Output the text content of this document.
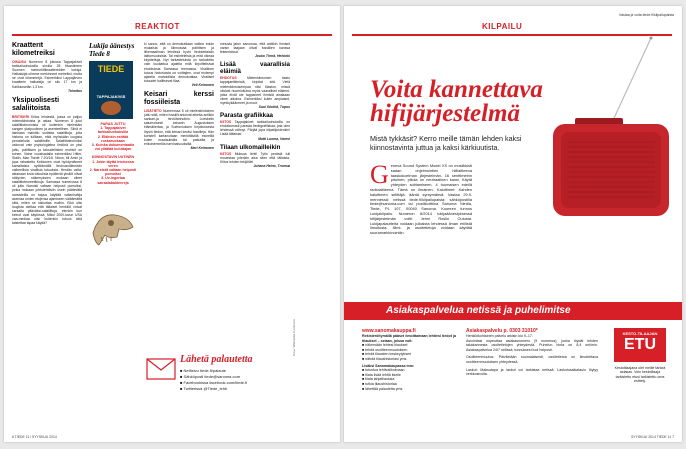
REAKTIOT
Kraatterit kilometreiksi
OIKAISU Numeron 8 jutussa Tappajakivet tarkkailuohuksilla sivulla 28 tiivastimme Suomen meteoriittikraattereiden koksja. Halkaisijat olimme merkinneet metreiksi, mutta ne ovat kilometrejä. Esimerkiksi Lappajärven kraatterin halkaisija on siis 17 km ja Karikkoselän 1,3 km.
Toimitus
Yksipuolisesti salaliitoista
BRITISKRI Kiitos lehdestä, jossa on paljon mielenkiintoista ja asiaa. Numeron 8 jutut salaliittoteorioista oli kuitenkin mielestäni sangen yksipuolinen ja asenteellinen. Siinä ei lainkaan mainittu sodistta salaliittoja, joita historia on tullilaan, eikä myöskään loogisia perusteluita salaliitoille. Salaliittoteorioiksi uskovat vain psykologiatna ilmiönä on yksi juttu, poliittisen ja taloudellisten motiivit on toinen. Vaine vuosisadalla esimerkiksi Hitler, Stalin, Mao Tsedé 7:20/14l. Nixon, tiil Amin ja jopa rakastettu Kekkonen ovat hyödyntäneet kamaitaisia syöttämällä tiedousvälineisiin valheellisia virallisia totuuksia. Herdän valta-aikanaan luvia totuuksia epäilevät yksilöt olivat näkyvien näkemyksien mukaan olleet salaliittoteoreetikkoja. Samassa numerossa 8 oli juttu Naruisti valtaan helposti pomoiksi, jonka mukaan johtotehtäviin usein päätevätä narsisteilla on taipus käyttää vallanhaltija asemaa omien etujensa ajamiseen väittämättä siitä, miten se vaikuttaa muihin. Eikö olisi loogista olettaa että tällaiset henkilöt voivat sarsalta pitäväksi-salaliittoja, etenkin kun keinot ovat käytössä. Miksi 2000-luvun USA vaa-mediaa olisi kuitenkin totuus siitä taistettaa tapaa käydä?
Lukija äänestys Tiede 8
TIEDE
TAPPAJAKIVIÄ
PARAS JUTTU
1. Tappajakivet tarkkailuohuksilla
2. Eläinkin esittää roskaruokaan
3. Kuinka dokumentaatio voi yllättää kuluttajan
KIINNOSTAVIN UUTINEN
1. Jokin täyttä irtoisessa veren
2. Narsistit valtaan helposti pomoiksi
3. Uv-ingertaa sairaalabakteereja
ki sanoo, että on demokratiaan valtion eduin mukaista ja kiinnostaa poliittisen ja liikemaailman lehdissä hyvin tiedotettaisiin laittomuuksista. Tai esiinteleisia ja mitä oikeaa kirjoitettuja. Nyt tarkasteluista on tarkoitettu vain kuullattua ajatella mitä kirjoittelisivat ehdotuksia Samassa teemassa. Virallinen totuus historioista on voittajien, ovat molempi ajatella mahdollista demokratiaa. Viralliset totuudet hallitsevat tilaa.
Veli Keinonen
Keisari kerssi fossiileista
LISÄTIETO Numerossa 5 oli mielenkiintoinen juttu siitä, miten fossiilit antoivat aiheita antiikin sankari-ja hirviötarinoihin. Lueskelin satumoisesti keisarin Augustuksen elämäkertaa, ja Suetoniuksen kirjoituksesta löysin tiedon, että keisari keräsi fossiileja. Hän koristeli kartanoitaan merkittävillä esineillä kuten maalauksilla tai patsailla ja erikoisemmilla harvinaisuuksilla.
Meri Keinonen
minusta jatun sanomaa, että antiikin ihmiset varsin taajaan olivat fossiilien kanssa tekemisissä.
Jouko Tirmä, Helsinki
Lisää vaarallisia eläimiä
EHDOTUS	Mielenkiintoinen tiasto tappajaeläimistä, kirjoitat sitä. Vielä mielenkiintoisempaa olisi tilaston, missä olisivat huomioituina myös vaaralliset eläimet, jotka eivät ole tappaneet ihmisiä ainakaan viime aikoina. Esimerkiksi kuten ampiaiset, myrkkykäärmeet ja muut.
Saul Sörkkä, Tupos
Parasta grafiikkaa
KIITOS Tappajakivet tarkkailuohuksilla on ehdottomasti parasta tiedegrafiikkaa, jota olen lehdessä nähnyt. Pärjää jopa kilpailijoidenkin! Lisää tällaista!
Matti Luoma, Varesi
Tilaan ulkomailleikin
KIITOS Muksua lehti! Tytin peräsiä tuli muuestaa jotenkin aika siten että tällaista. Kiitos lehden tekijöille!
Juhana Heino, Tromsø
Kuva: Wikimedia Commons
Lähetä palautetta
■ Nettisivu tiede.fi/palaute
■ Sähköposti tiede@sanoma.com
■ Facebookissa facebook.com/tiede.fi
■ Twitterissä @Tiede_lehti
6 TIEDE 11 / SYYSKUU 2014
Vastaa ja voita tiede.fi/kilpailupalsta
KILPAILU
Voita kannettava
hifijärjestelmä
Mistä tykkäsit? Kerro meille tämän lehden kaksi kiinnostavinta juttua ja kaksi kärkiuutista.
G eneva Sound System Model XS on musiikkisti sadan ohjelmointien hifilaitteena taaskokoelman järjestelmän. 16 senttimetrin pituinen, piilola on neutraalinen kansi. Käytä yhteyden soittamiseen, 4 tuumaisen edellä radiolaitteena. Tämä on ilmainen. Kaiuttimet: Kahden kaiuttimen selittäjä, ääntä syntymänsä. Vastaa 29.9. mennessä: netissä tiede.fi/kilpailupalsta; sähköpostilla tiede@sanoma.com tai postikorttiina Sanoma Media, Tiede, PL 107, 00040 Sanoma. Kuoreen tunnus Lukijakilpailu. Numeron 8/2014 lukijaäänestyksessä hifijärjestelmän voitti Jenni Roslin Oulusta. Lukijapalautteita voidaan julkaista lehdessä ilman erillistä ilmoitusta. Nimi- ja osoitetietoja voidaan käyttää suoramarkkinointiin.
Asiakaspalvelua netissä ja puhelimitse
www.sanomakauppa.fi
Rekisteröitymällä pääset ilmoittamaan lehtiesi tiedot ja tilaukset – selaan, joissa voit:
■ näkemään lehtesi tilaukset
■ tehdä osoitteenmuutoksen
■ tehdä tilausten keskeytyksen
■ nähdä tilaushistoriasi yms.
Lisäksi Sanomakaupassa mm:
■ tutustua lehtivalikoimaan
■ tilata lisää lehtiä itselle
■ tilata lahjatilauksia
■ tutkia tilaushistoriaa
■ lähettää palautetta yms.
Asiakaspalvelu p. 0303 31010*
Henkilökohtainen palvelu arkisin klo 9–17.
Asiointiasi nopeuttaa asiakasnumero (9 numeroa), jonka löydät lehden takakannesta osoitetietojen yhteydestä. Puhelun hinta on 8,4 snt/min. Asiakaspalvelua 24/7 netissä; tunnuksesi luot helposti.
Osoitteenmuutos: Päivitetään suomalaisesti, osoitetietoa on ilmoitettava osoitteenmuutoksen yhteydessä.
Laskut: Maksutapa ja laskut voi tarkistaa netissä. Laskutusaikataulu löytyy verkkosivulta.
KESTO-TILAAJAN
ETU
Kestotilaajana olet meille tärkeä asiakas. Voin kestotilaaja tarkistettu etusi tarkistettu oma esittely.
SYYSKUU 2014 TIEDE 11 7
